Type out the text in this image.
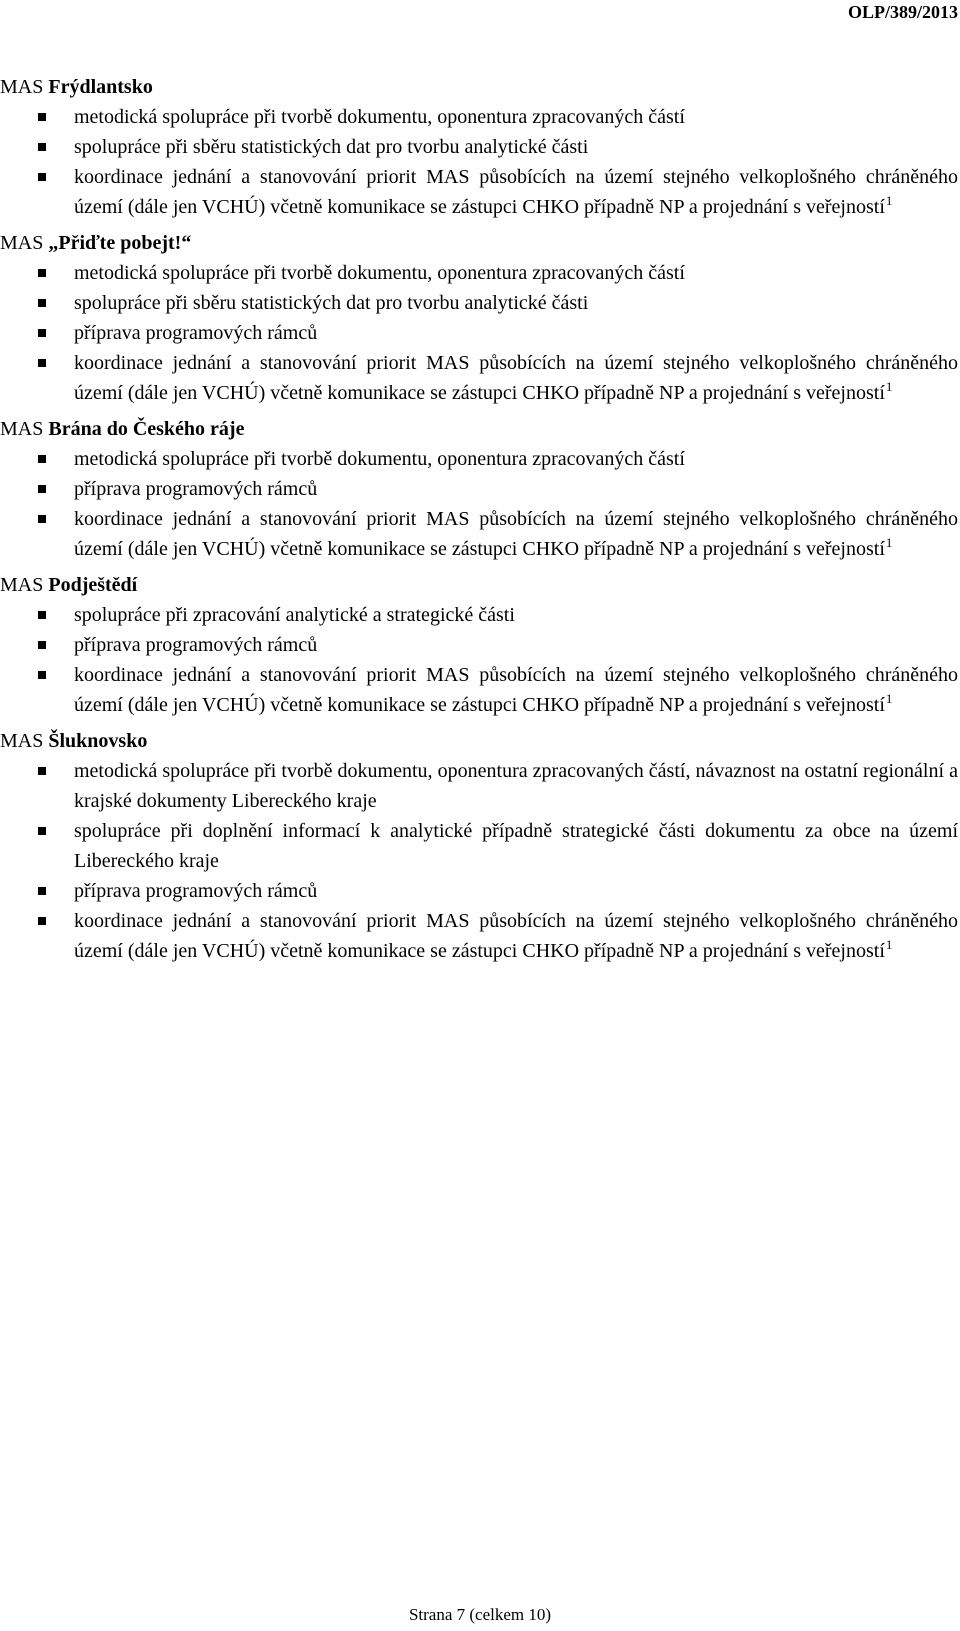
OLP/389/2013
MAS Frýdlantsko
metodická spolupráce při tvorbě dokumentu, oponentura zpracovaných částí
spolupráce při sběru statistických dat pro tvorbu analytické části
koordinace jednání a stanovování priorit MAS působících na území stejného velkoplošného chráněného území (dále jen VCHÚ) včetně komunikace se zástupci CHKO případně NP a projednání s veřejností$^1$
MAS „Přiďte pobejt!“
metodická spolupráce při tvorbě dokumentu, oponentura zpracovaných částí
spolupráce při sběru statistických dat pro tvorbu analytické části
příprava programových rámců
koordinace jednání a stanovování priorit MAS působících na území stejného velkoplošného chráněného území (dále jen VCHÚ) včetně komunikace se zástupci CHKO případně NP a projednání s veřejností$^1$
MAS Brána do Českého ráje
metodická spolupráce při tvorbě dokumentu, oponentura zpracovaných částí
příprava programových rámců
koordinace jednání a stanovování priorit MAS působících na území stejného velkoplošného chráněného území (dále jen VCHÚ) včetně komunikace se zástupci CHKO případně NP a projednání s veřejností$^1$
MAS Podještědí
spolupráce při zpracování analytické a strategické části
příprava programových rámců
koordinace jednání a stanovování priorit MAS působících na území stejného velkoplošného chráněného území (dále jen VCHÚ) včetně komunikace se zástupci CHKO případně NP a projednání s veřejností$^1$
MAS Šluknovsko
metodická spolupráce při tvorbě dokumentu, oponentura zpracovaných částí, návaznost na ostatní regionální a krajské dokumenty Libereckého kraje
spolupráce při doplnění informací k analytické případně strategické části dokumentu za obce na území Libereckého kraje
příprava programových rámců
koordinace jednání a stanovování priorit MAS působících na území stejného velkoplošného chráněného území (dále jen VCHÚ) včetně komunikace se zástupci CHKO případně NP a projednání s veřejností$^1$
Strana 7 (celkem 10)
